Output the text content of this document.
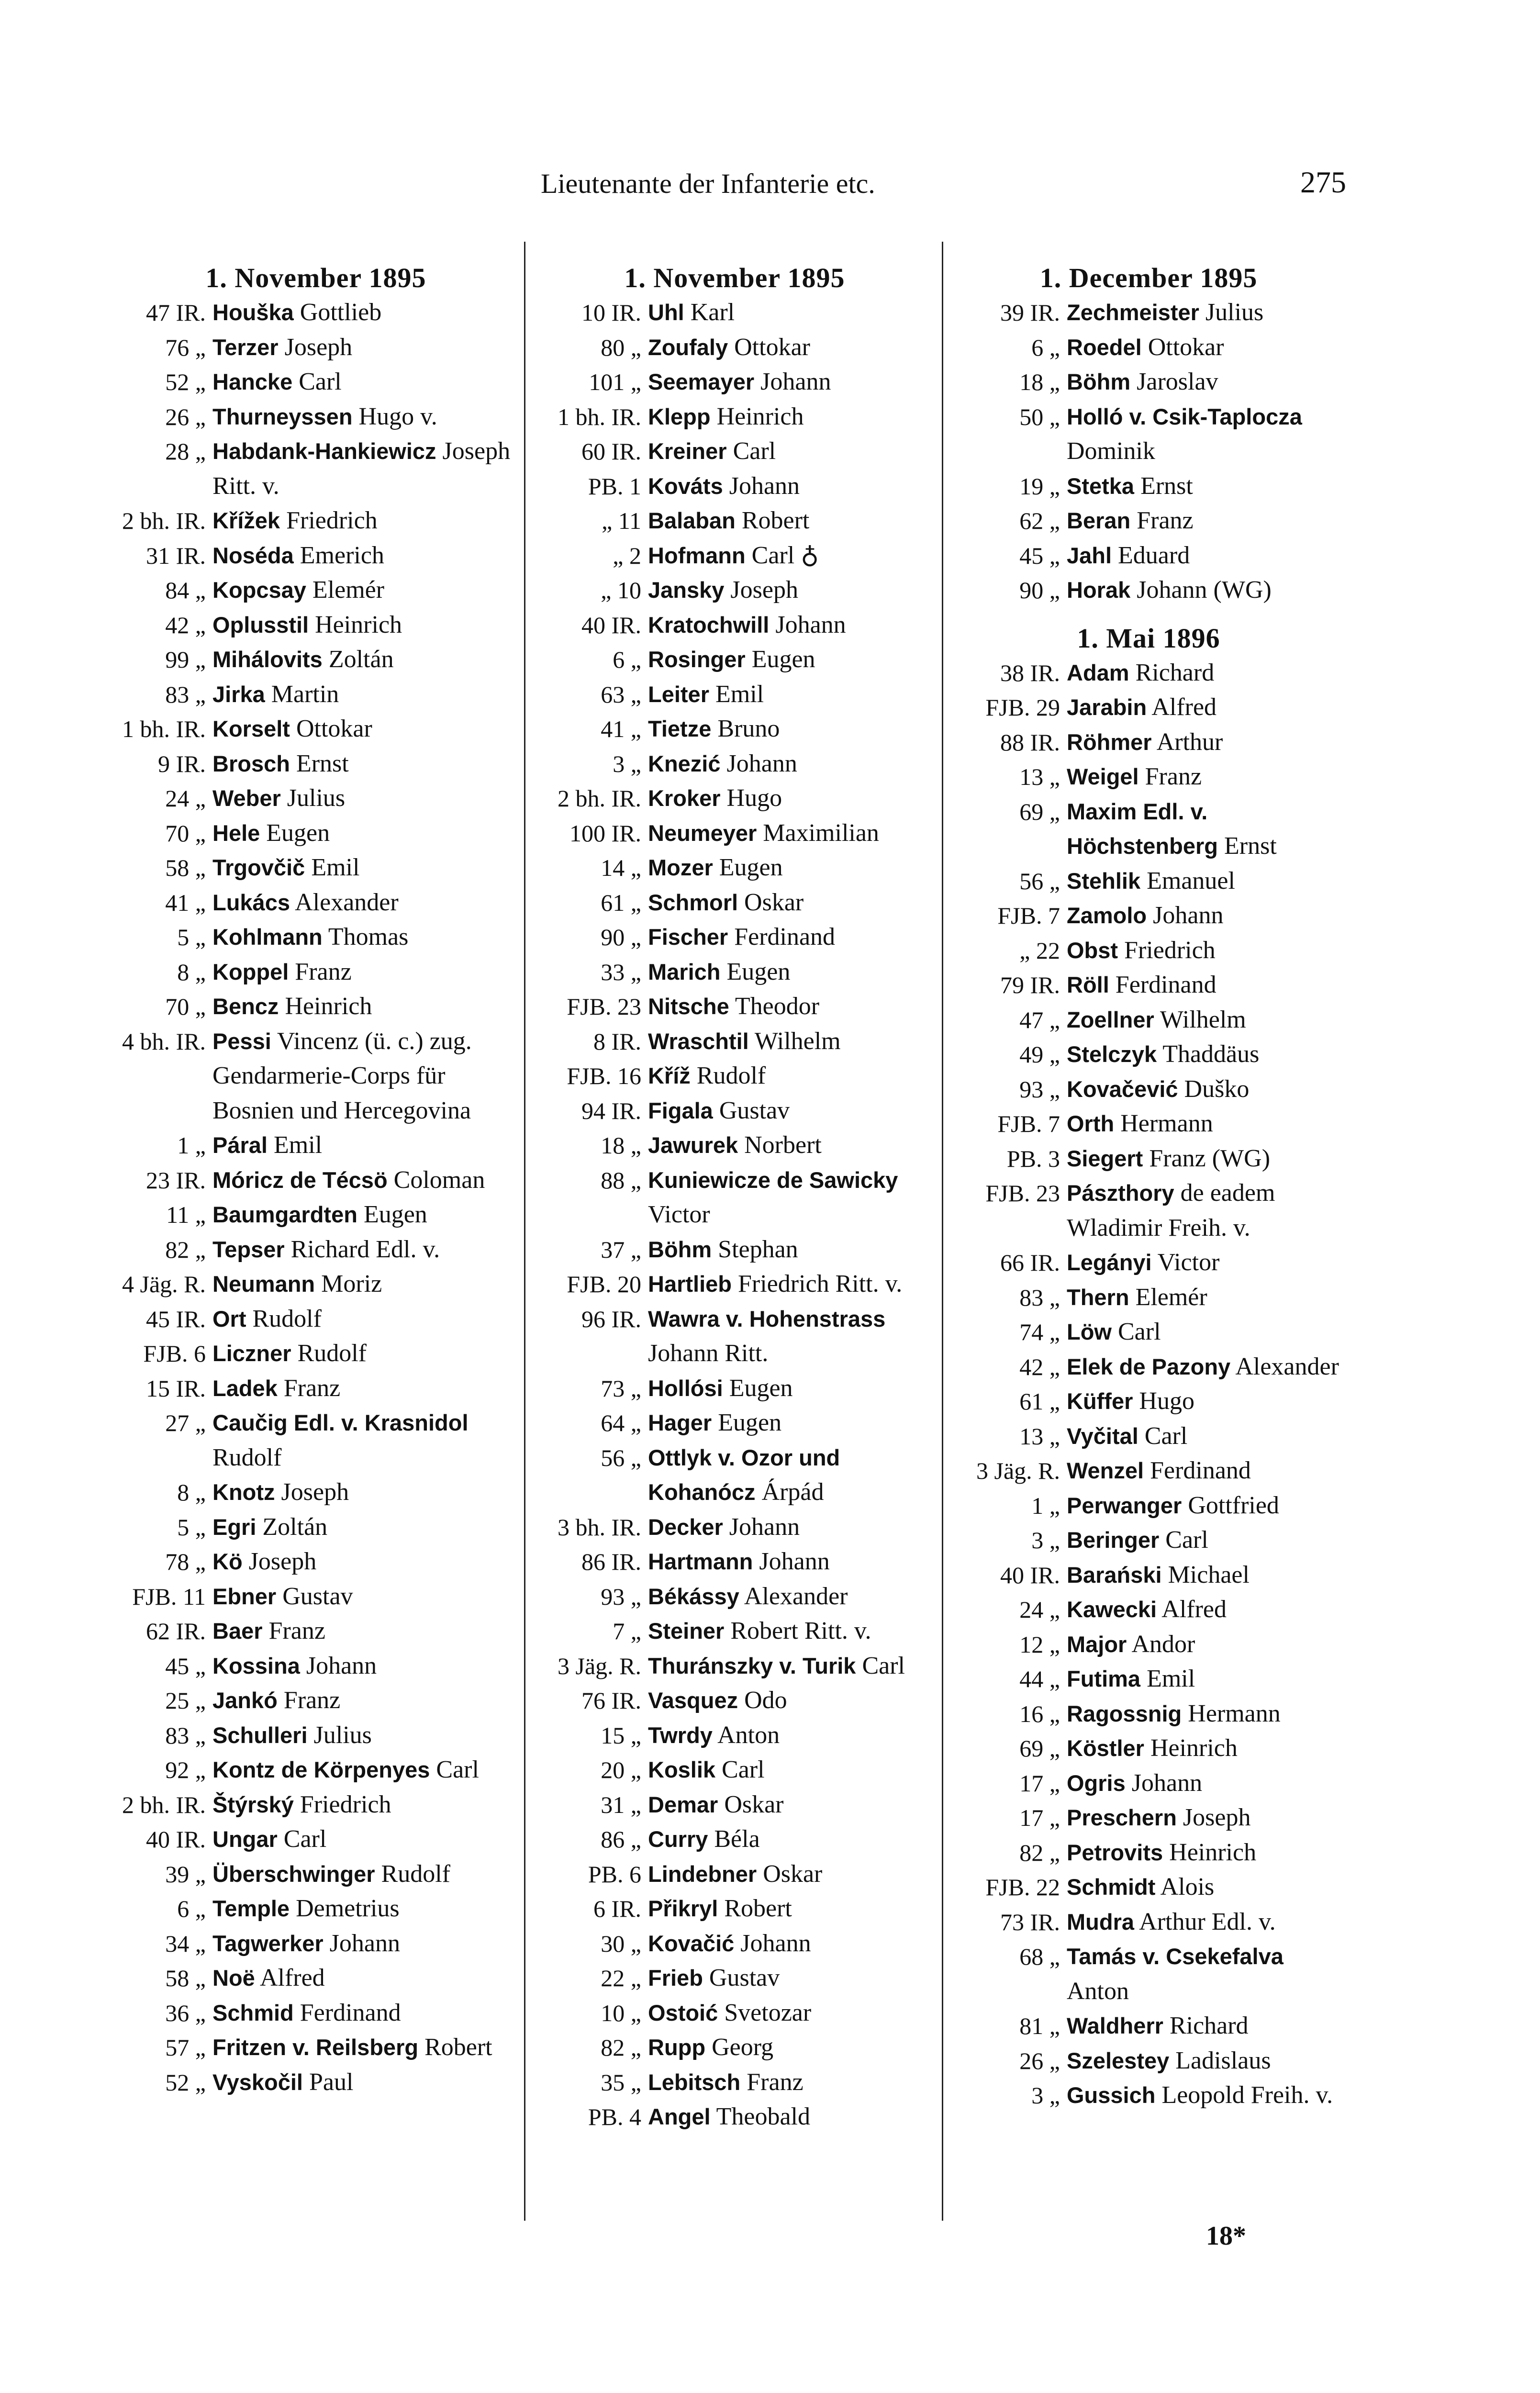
Lieutenante der Infanterie etc.	275
1. November 1895
47 IR. Houška Gottlieb
76 „ Terzer Joseph
52 „ Hancke Carl
26 „ Thurneyssen Hugo v.
28 „ Habdank-Hankiewicz Joseph Ritt. v.
2 bh. IR. Křížek Friedrich
31 IR. Noséda Emerich
84 „ Kopcsay Elemér
42 „ Oplusstil Heinrich
99 „ Mihálovits Zoltán
83 „ Jirka Martin
1 bh. IR. Korselt Ottokar
9 IR. Brosch Ernst
24 „ Weber Julius
70 „ Hele Eugen
58 „ Trgovčič Emil
41 „ Lukács Alexander
5 „ Kohlmann Thomas
8 „ Koppel Franz
70 „ Bencz Heinrich
4 bh. IR. Pessi Vincenz (ü. c.) zug. Gendarmerie-Corps für Bosnien und Hercegovina
1 „ Páral Emil
23 IR. Móricz de Técsö Coloman
11 „ Baumgardten Eugen
82 „ Tepser Richard Edl. v.
4 Jäg. R. Neumann Moriz
45 IR. Ort Rudolf
FJB. 6 Liczner Rudolf
15 IR. Ladek Franz
27 „ Caučig Edl. v. Krasnidol Rudolf
8 „ Knotz Joseph
5 „ Egri Zoltán
78 „ Kö Joseph
FJB. 11 Ebner Gustav
62 IR. Baer Franz
45 „ Kossina Johann
25 „ Jankó Franz
83 „ Schulleri Julius
92 „ Kontz de Körpenyes Carl
2 bh. IR. Štýrský Friedrich
40 IR. Ungar Carl
39 „ Überschwinger Rudolf
6 „ Temple Demetrius
34 „ Tagwerker Johann
58 „ Noë Alfred
36 „ Schmid Ferdinand
57 „ Fritzen v. Reilsberg Robert
52 „ Vyskočil Paul
1. November 1895
10 IR. Uhl Karl
80 „ Zoufaly Ottokar
101 „ Seemayer Johann
1 bh. IR. Klepp Heinrich
60 IR. Kreiner Carl
PB. 1 Kováts Johann
„ 11 Balaban Robert
„ 2 Hofmann Carl ♁
„ 10 Jansky Joseph
40 IR. Kratochwill Johann
6 „ Rosinger Eugen
63 „ Leiter Emil
41 „ Tietze Bruno
3 „ Knezić Johann
2 bh. IR. Kroker Hugo
100 IR. Neumeyer Maximilian
14 „ Mozer Eugen
61 „ Schmorl Oskar
90 „ Fischer Ferdinand
33 „ Marich Eugen
FJB. 23 Nitsche Theodor
8 IR. Wraschtil Wilhelm
FJB. 16 Kříž Rudolf
94 IR. Figala Gustav
18 „ Jawurek Norbert
88 „ Kuniewicze de Sawicky Victor
37 „ Böhm Stephan
FJB. 20 Hartlieb Friedrich Ritt. v.
96 IR. Wawra v. Hohenstrass Johann Ritt.
73 „ Hollósi Eugen
64 „ Hager Eugen
56 „ Ottlyk v. Ozor und Kohanócz Árpád
3 bh. IR. Decker Johann
86 IR. Hartmann Johann
93 „ Békássy Alexander
7 „ Steiner Robert Ritt. v.
3 Jäg. R. Thuránszky v. Turik Carl
76 IR. Vasquez Odo
15 „ Twrdy Anton
20 „ Koslik Carl
31 „ Demar Oskar
86 „ Curry Béla
PB. 6 Lindebner Oskar
6 IR. Přikryl Robert
30 „ Kovačić Johann
22 „ Frieb Gustav
10 „ Ostoić Svetozar
82 „ Rupp Georg
35 „ Lebitsch Franz
PB. 4 Angel Theobald
1. December 1895
39 IR. Zechmeister Julius
6 „ Roedel Ottokar
18 „ Böhm Jaroslav
50 „ Holló v. Csik-Taplocza Dominik
19 „ Stetka Ernst
62 „ Beran Franz
45 „ Jahl Eduard
90 „ Horak Johann (WG)
1. Mai 1896
38 IR. Adam Richard
FJB. 29 Jarabin Alfred
88 IR. Röhmer Arthur
13 „ Weigel Franz
69 „ Maxim Edl. v. Höchstenberg Ernst
56 „ Stehlik Emanuel
FJB. 7 Zamolo Johann
„ 22 Obst Friedrich
79 IR. Röll Ferdinand
47 „ Zoellner Wilhelm
49 „ Stelczyk Thaddäus
93 „ Kovačević Duško
FJB. 7 Orth Hermann
PB. 3 Siegert Franz (WG)
FJB. 23 Pászthory de eadem Wladimir Freih. v.
66 IR. Legányi Victor
83 „ Thern Elemér
74 „ Löw Carl
42 „ Elek de Pazony Alexander
61 „ Küffer Hugo
13 „ Vyčital Carl
3 Jäg. R. Wenzel Ferdinand
1 „ Perwanger Gottfried
3 „ Beringer Carl
40 IR. Barański Michael
24 „ Kawecki Alfred
12 „ Major Andor
44 „ Futima Emil
16 „ Ragossnig Hermann
69 „ Köstler Heinrich
17 „ Ogris Johann
17 „ Preschern Joseph
82 „ Petrovits Heinrich
FJB. 22 Schmidt Alois
73 IR. Mudra Arthur Edl. v.
68 „ Tamás v. Csekefalva Anton
81 „ Waldherr Richard
26 „ Szelestey Ladislaus
3 „ Gussich Leopold Freih. v.
18*
